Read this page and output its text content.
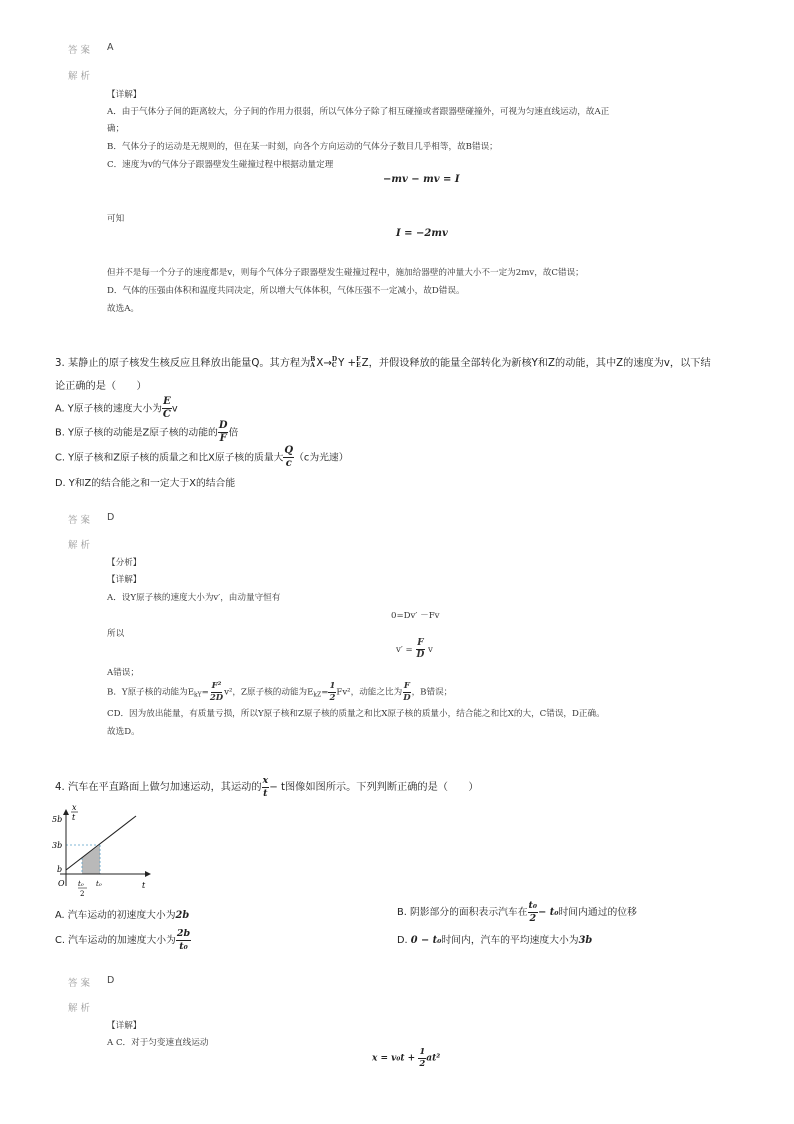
答案 A
解析
【详解】
A．由于气体分子间的距离较大，分子间的作用力很弱，所以气体分子除了相互碰撞或者跟器壁碰撞外，可视为匀速直线运动，故A正
确；
B．气体分子的运动是无规则的，但在某一时刻，向各个方向运动的气体分子数目几乎相等，故B错误；
C．速度为v的气体分子跟器壁发生碰撞过程中根据动量定理
−mv − mv = I
可知
I = −2mv
但并不是每一个分子的速度都是v，则每个气体分子跟器壁发生碰撞过程中，施加给器壁的冲量大小不一定为2mv，故C错误；
D．气体的压强由体积和温度共同决定，所以增大气体体积，气体压强不一定减小，故D错误。
故选A。
3. 某静止的原子核发生核反应且释放出能量Q。其方程为 B
A X→ D
C Y + F
E Z，并假设释放的能量全部转化为新核Y和Z的动能，其中Z的速度为v，以下结
论正确的是（　　）
A. Y原子核的速度大小为 $\frac{E}{C}$ v
B. Y原子核的动能是Z原子核的动能的 $\frac{D}{F}$ 倍
C. Y原子核和Z原子核的质量之和比X原子核的质量大 $\frac{Q}{c} (c$为光速）
D. Y和Z的结合能之和一定大于X的结合能
答案 D
解析
【分析】
【详解】
A．设Y原子核的速度大小为v′，由动量守恒有
0=Dv′ －Fv
所以
$v' = \frac{F}{D}$ v
A错误；
B．Y原子核的动能为$E_{kY}= \frac{\text{F²}}{2D} v^2$，Z原子核的动能为$E_{kZ}= \frac{1}{2} Fv^2$，动能之比为 $\frac{F}{D}$ ，B错误；
CD．因为放出能量，有质量亏损，所以Y原子核和Z原子核的质量之和比X原子核的质量小，结合能之和比X的大，C错误，D正确。
故选D。
4. 汽车在平直路面上做匀加速运动，其运动的 $\frac{x}{t} - t$图像如图所示。下列判断正确的是（　　）
x
t
5b
3b
b
O t₀
2
t₀	t
A. 汽车运动的初速度大小为2b	B. 阴影部分的面积表示汽车在 $\frac{\text{t₀}}{2} - t_0$时间内通过的位移
C. 汽车运动的加速度大小为 $\frac{2b}{\text{t₀}}$	D. 0 − t₀时间内，汽车的平均速度大小为3b
答案 D
解析
【详解】
A C．对于匀变速直线运动
$x = v_0t + \frac{1}{2} at^2$
